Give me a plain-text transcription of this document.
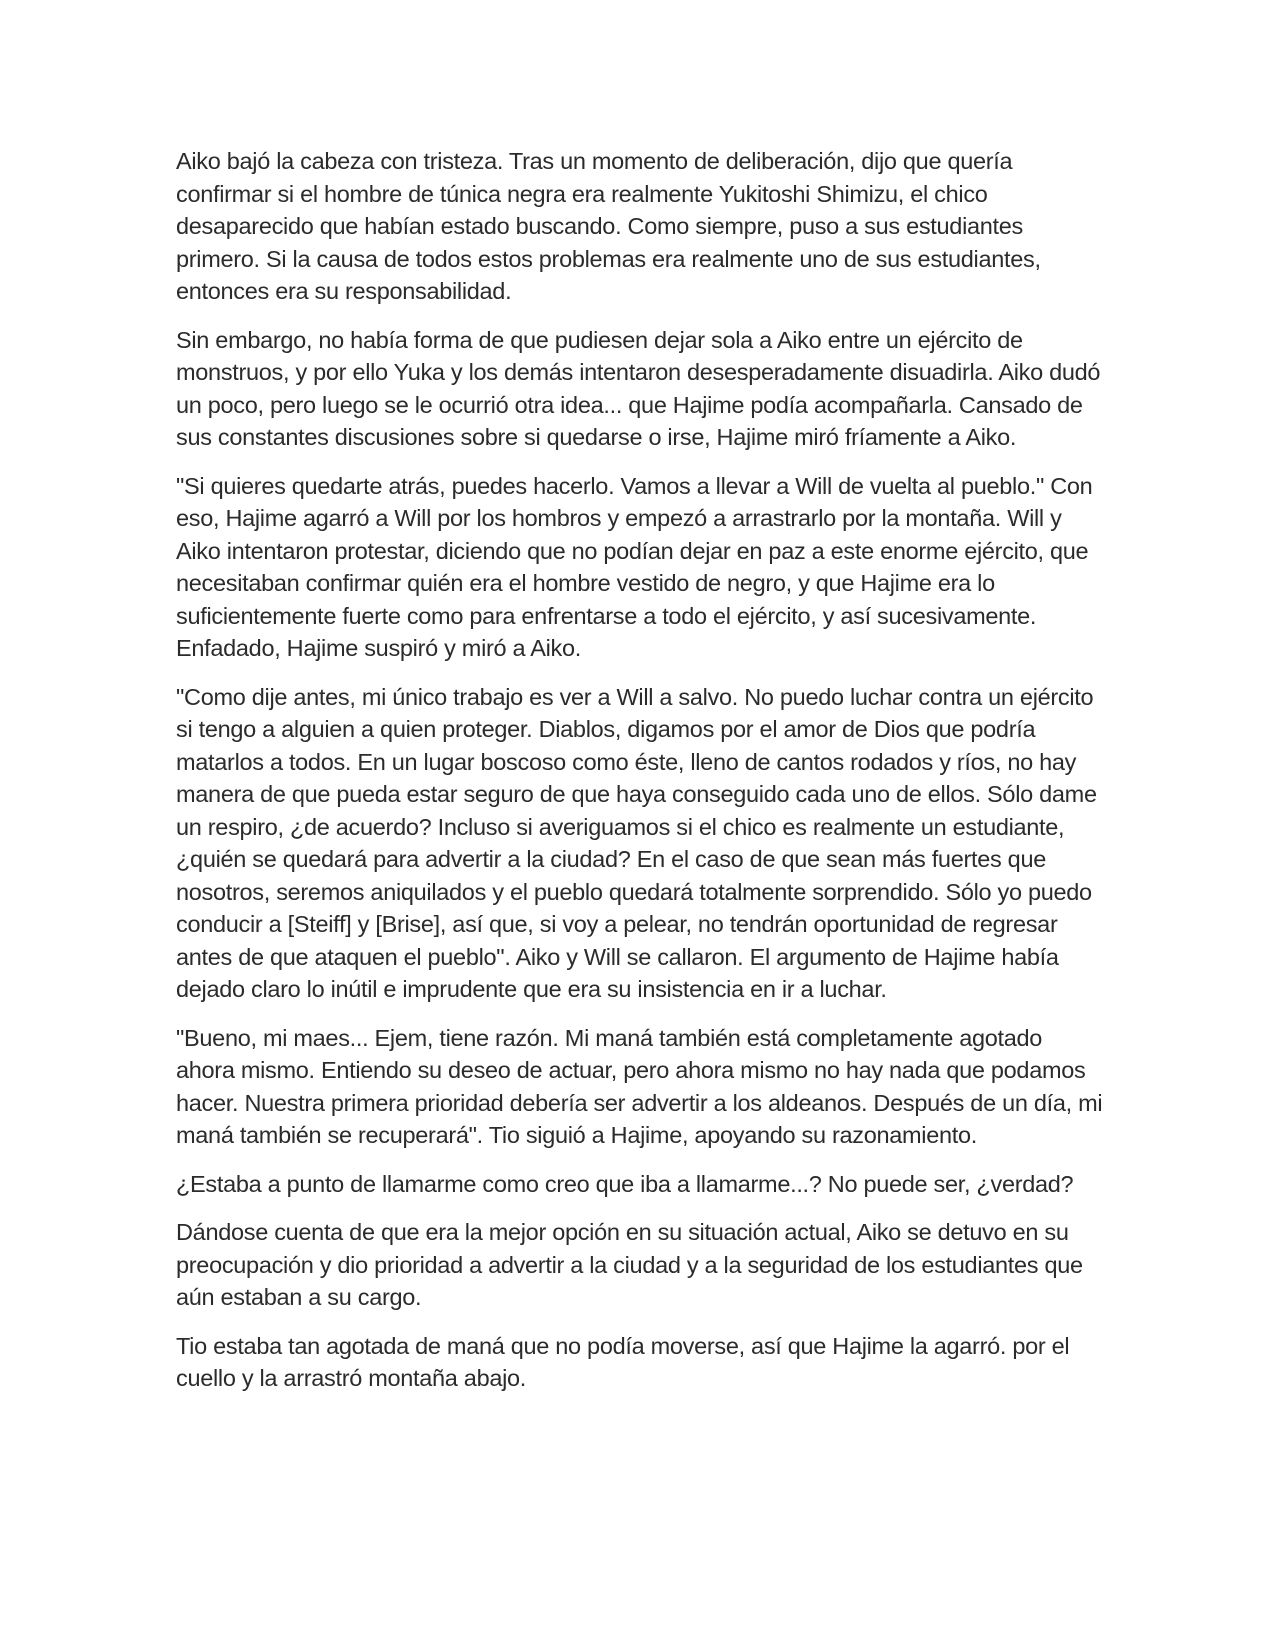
Aiko bajó la cabeza con tristeza. Tras un momento de deliberación, dijo que quería confirmar si el hombre de túnica negra era realmente Yukitoshi Shimizu, el chico desaparecido que habían estado buscando. Como siempre, puso a sus estudiantes primero. Si la causa de todos estos problemas era realmente uno de sus estudiantes, entonces era su responsabilidad.

Sin embargo, no había forma de que pudiesen dejar sola a Aiko entre un ejército de monstruos, y por ello Yuka y los demás intentaron desesperadamente disuadirla. Aiko dudó un poco, pero luego se le ocurrió otra idea... que Hajime podía acompañarla. Cansado de sus constantes discusiones sobre si quedarse o irse, Hajime miró fríamente a Aiko.

"Si quieres quedarte atrás, puedes hacerlo. Vamos a llevar a Will de vuelta al pueblo." Con eso, Hajime agarró a Will por los hombros y empezó a arrastrarlo por la montaña. Will y Aiko intentaron protestar, diciendo que no podían dejar en paz a este enorme ejército, que necesitaban confirmar quién era el hombre vestido de negro, y que Hajime era lo suficientemente fuerte como para enfrentarse a todo el ejército, y así sucesivamente. Enfadado, Hajime suspiró y miró a Aiko.

"Como dije antes, mi único trabajo es ver a Will a salvo. No puedo luchar contra un ejército si tengo a alguien a quien proteger. Diablos, digamos por el amor de Dios que podría matarlos a todos. En un lugar boscoso como éste, lleno de cantos rodados y ríos, no hay manera de que pueda estar seguro de que haya conseguido cada uno de ellos. Sólo dame un respiro, ¿de acuerdo? Incluso si averiguamos si el chico es realmente un estudiante, ¿quién se quedará para advertir a la ciudad? En el caso de que sean más fuertes que nosotros, seremos aniquilados y el pueblo quedará totalmente sorprendido. Sólo yo puedo conducir a [Steiff] y [Brise], así que, si voy a pelear, no tendrán oportunidad de regresar antes de que ataquen el pueblo". Aiko y Will se callaron. El argumento de Hajime había dejado claro lo inútil e imprudente que era su insistencia en ir a luchar.

"Bueno, mi maes... Ejem, tiene razón. Mi maná también está completamente agotado ahora mismo. Entiendo su deseo de actuar, pero ahora mismo no hay nada que podamos hacer. Nuestra primera prioridad debería ser advertir a los aldeanos. Después de un día, mi maná también se recuperará". Tio siguió a Hajime, apoyando su razonamiento.

¿Estaba a punto de llamarme como creo que iba a llamarme...? No puede ser, ¿verdad?

Dándose cuenta de que era la mejor opción en su situación actual, Aiko se detuvo en su preocupación y dio prioridad a advertir a la ciudad y a la seguridad de los estudiantes que aún estaban a su cargo.

Tio estaba tan agotada de maná que no podía moverse, así que Hajime la agarró. por el cuello y la arrastró montaña abajo.
